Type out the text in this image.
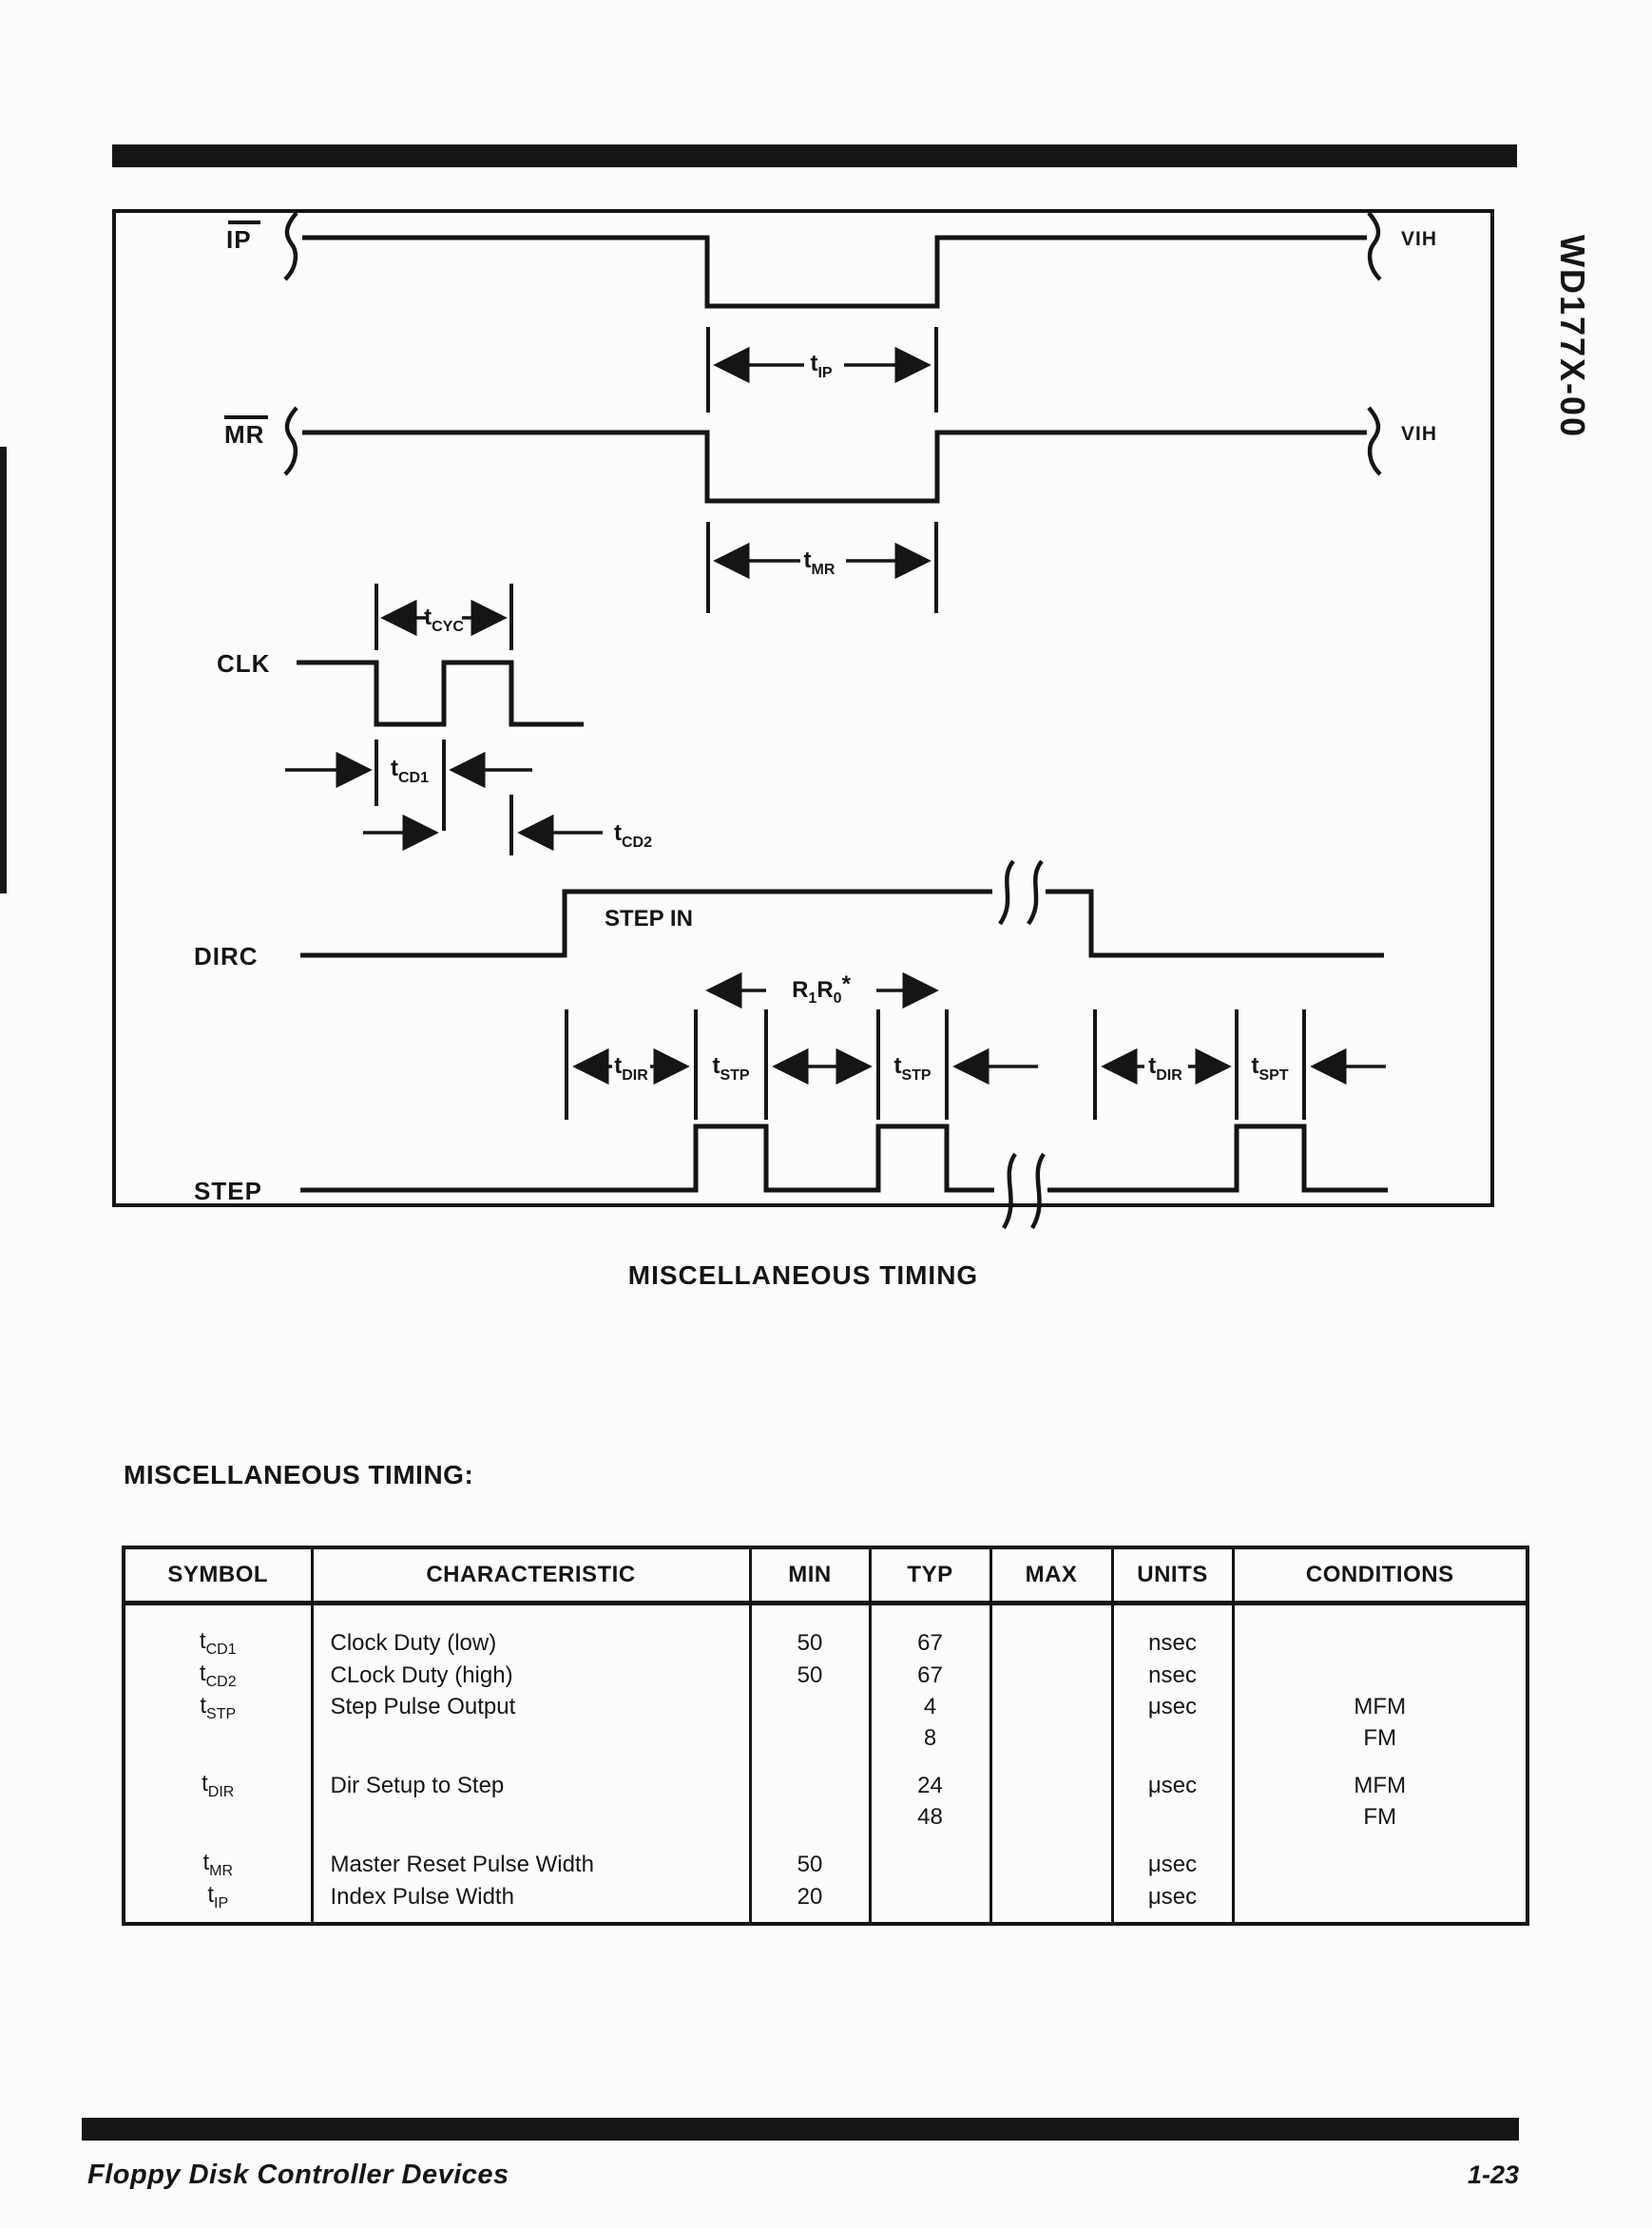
WD177X-00
IP	VIH
$t_{IP}$
MR	VIH
$t_{MR}$
$t_{CYC}$
CLK
$t_{CD1}$
$t_{CD2}$
DIRC
STEP IN
$R_1R_0*$
$t_{DIR}$	$t_{STP}$	$t_{STP}$	$t_{DIR}$	$t_{SPT}$
STEP
MISCELLANEOUS TIMING
MISCELLANEOUS TIMING:
SYMBOL	CHARACTERISTIC	MIN	TYP	MAX	UNITS	CONDITIONS
$t_{CD1}$	Clock Duty (low)	50	67		nsec	
$t_{CD2}$	CLock Duty (high)	50	67		nsec	
$t_{STP}$	Step Pulse Output		4		μsec	MFM
			8			FM

$t_{DIR}$	Dir Setup to Step		24		μsec	MFM
			48			FM

$t_{MR}$	Master Reset Pulse Width	50			μsec	
$t_{IP}$	Index Pulse Width	20			μsec	
Floppy Disk Controller Devices	1-23
